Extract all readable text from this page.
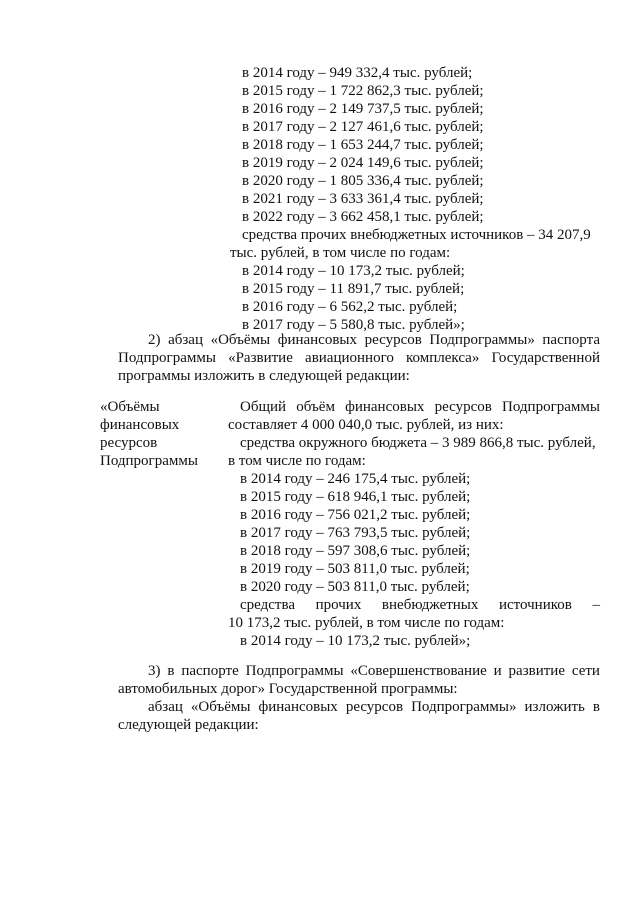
в 2014 году – 949 332,4 тыс. рублей;
в 2015 году – 1 722 862,3 тыс. рублей;
в 2016 году – 2 149 737,5 тыс. рублей;
в 2017 году – 2 127 461,6 тыс. рублей;
в 2018 году – 1 653 244,7 тыс. рублей;
в 2019 году – 2 024 149,6 тыс. рублей;
в 2020 году – 1 805 336,4 тыс. рублей;
в 2021 году – 3 633 361,4 тыс. рублей;
в 2022 году – 3 662 458,1 тыс. рублей;
средства прочих внебюджетных источников – 34 207,9
тыс. рублей, в том числе по годам:
в 2014 году – 10 173,2 тыс. рублей;
в 2015 году – 11 891,7 тыс. рублей;
в 2016 году – 6 562,2 тыс. рублей;
в 2017 году – 5 580,8 тыс. рублей»;
2) абзац «Объёмы финансовых ресурсов Подпрограммы» паспорта
Подпрограммы «Развитие авиационного комплекса» Государственной
программы изложить в следующей редакции:
«Объёмы
финансовых
ресурсов
Подпрограммы
Общий объём финансовых ресурсов Подпрограммы
составляет 4 000 040,0 тыс. рублей, из них:
средства окружного бюджета – 3 989 866,8 тыс. рублей,
в том числе по годам:
в 2014 году – 246 175,4 тыс. рублей;
в 2015 году – 618 946,1 тыс. рублей;
в 2016 году – 756 021,2 тыс. рублей;
в 2017 году – 763 793,5 тыс. рублей;
в 2018 году – 597 308,6 тыс. рублей;
в 2019 году – 503 811,0 тыс. рублей;
в 2020 году – 503 811,0 тыс. рублей;
средства прочих внебюджетных источников –
10 173,2 тыс. рублей, в том числе по годам:
в 2014 году – 10 173,2 тыс. рублей»;
3) в паспорте Подпрограммы «Совершенствование и развитие сети
автомобильных дорог» Государственной программы:
абзац «Объёмы финансовых ресурсов Подпрограммы» изложить в
следующей редакции:
